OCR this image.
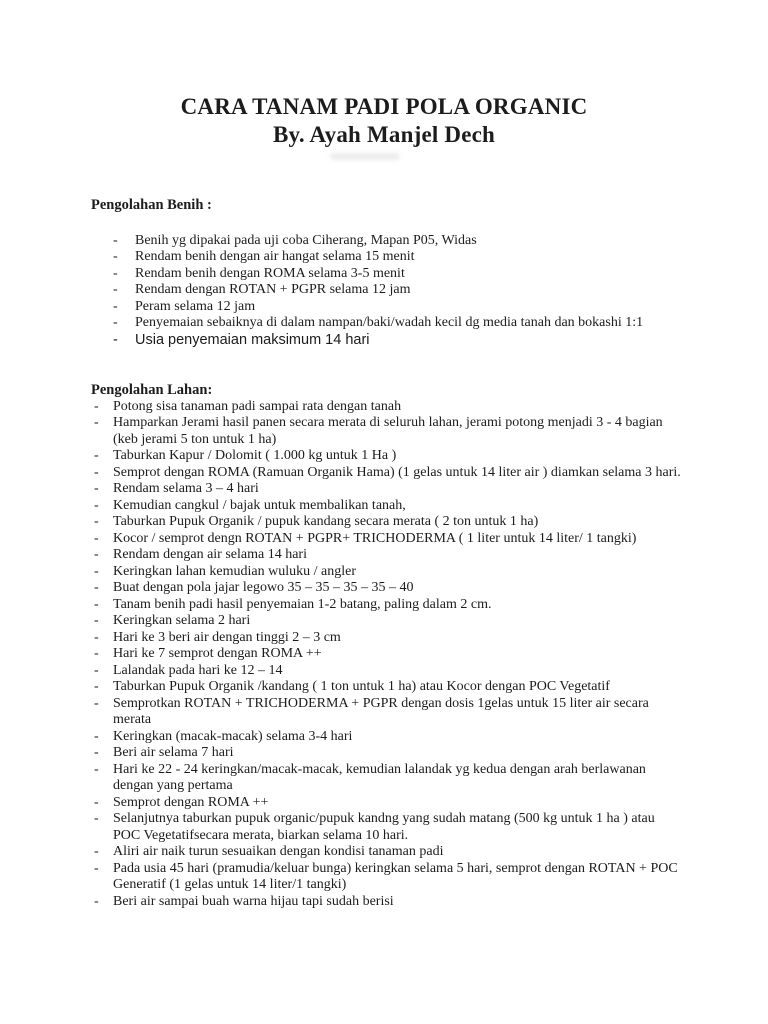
CARA TANAM PADI POLA ORGANIC
By. Ayah Manjel Dech
Pengolahan Benih :
- Benih yg dipakai pada uji coba Ciherang, Mapan P05, Widas
- Rendam benih dengan air hangat selama 15 menit
- Rendam benih dengan ROMA selama 3-5 menit
- Rendam dengan ROTAN + PGPR selama 12 jam
- Peram selama 12 jam
- Penyemaian sebaiknya di dalam nampan/baki/wadah kecil dg media tanah dan bokashi 1:1
- Usia penyemaian maksimum 14 hari
Pengolahan Lahan:
- Potong sisa tanaman padi sampai rata dengan tanah
- Hamparkan Jerami hasil panen secara merata di seluruh lahan, jerami potong menjadi 3 - 4 bagian (keb jerami 5 ton untuk 1 ha)
- Taburkan Kapur / Dolomit ( 1.000 kg untuk 1 Ha )
- Semprot dengan ROMA (Ramuan Organik Hama) (1 gelas untuk 14 liter air ) diamkan selama 3 hari.
- Rendam selama 3 – 4 hari
- Kemudian cangkul / bajak untuk membalikan tanah,
- Taburkan Pupuk Organik / pupuk kandang secara merata ( 2 ton untuk 1 ha)
- Kocor / semprot dengn ROTAN + PGPR+ TRICHODERMA ( 1 liter untuk 14 liter/ 1 tangki)
- Rendam dengan air selama 14 hari
- Keringkan lahan kemudian wuluku / angler
- Buat dengan pola jajar legowo 35 – 35 – 35 – 35 – 40
- Tanam benih padi hasil penyemaian 1-2 batang, paling dalam 2 cm.
- Keringkan selama 2 hari
- Hari ke 3 beri air dengan tinggi 2 – 3 cm
- Hari ke 7 semprot dengan ROMA ++
- Lalandak pada hari ke 12 – 14
- Taburkan Pupuk Organik /kandang ( 1 ton untuk 1 ha) atau Kocor dengan POC Vegetatif
- Semprotkan ROTAN + TRICHODERMA + PGPR dengan dosis 1gelas untuk 15 liter air secara merata
- Keringkan (macak-macak) selama 3-4 hari
- Beri air selama 7 hari
- Hari ke 22 - 24 keringkan/macak-macak, kemudian lalandak yg kedua dengan arah berlawanan dengan yang pertama
- Semprot dengan ROMA ++
- Selanjutnya taburkan pupuk organic/pupuk kandng yang sudah matang (500 kg untuk 1 ha ) atau POC Vegetatifsecara merata, biarkan selama 10 hari.
- Aliri air naik turun sesuaikan dengan kondisi tanaman padi
- Pada usia 45 hari (pramudia/keluar bunga) keringkan selama 5 hari, semprot dengan ROTAN + POC Generatif (1 gelas untuk 14 liter/1 tangki)
- Beri air sampai buah warna hijau tapi sudah berisi
